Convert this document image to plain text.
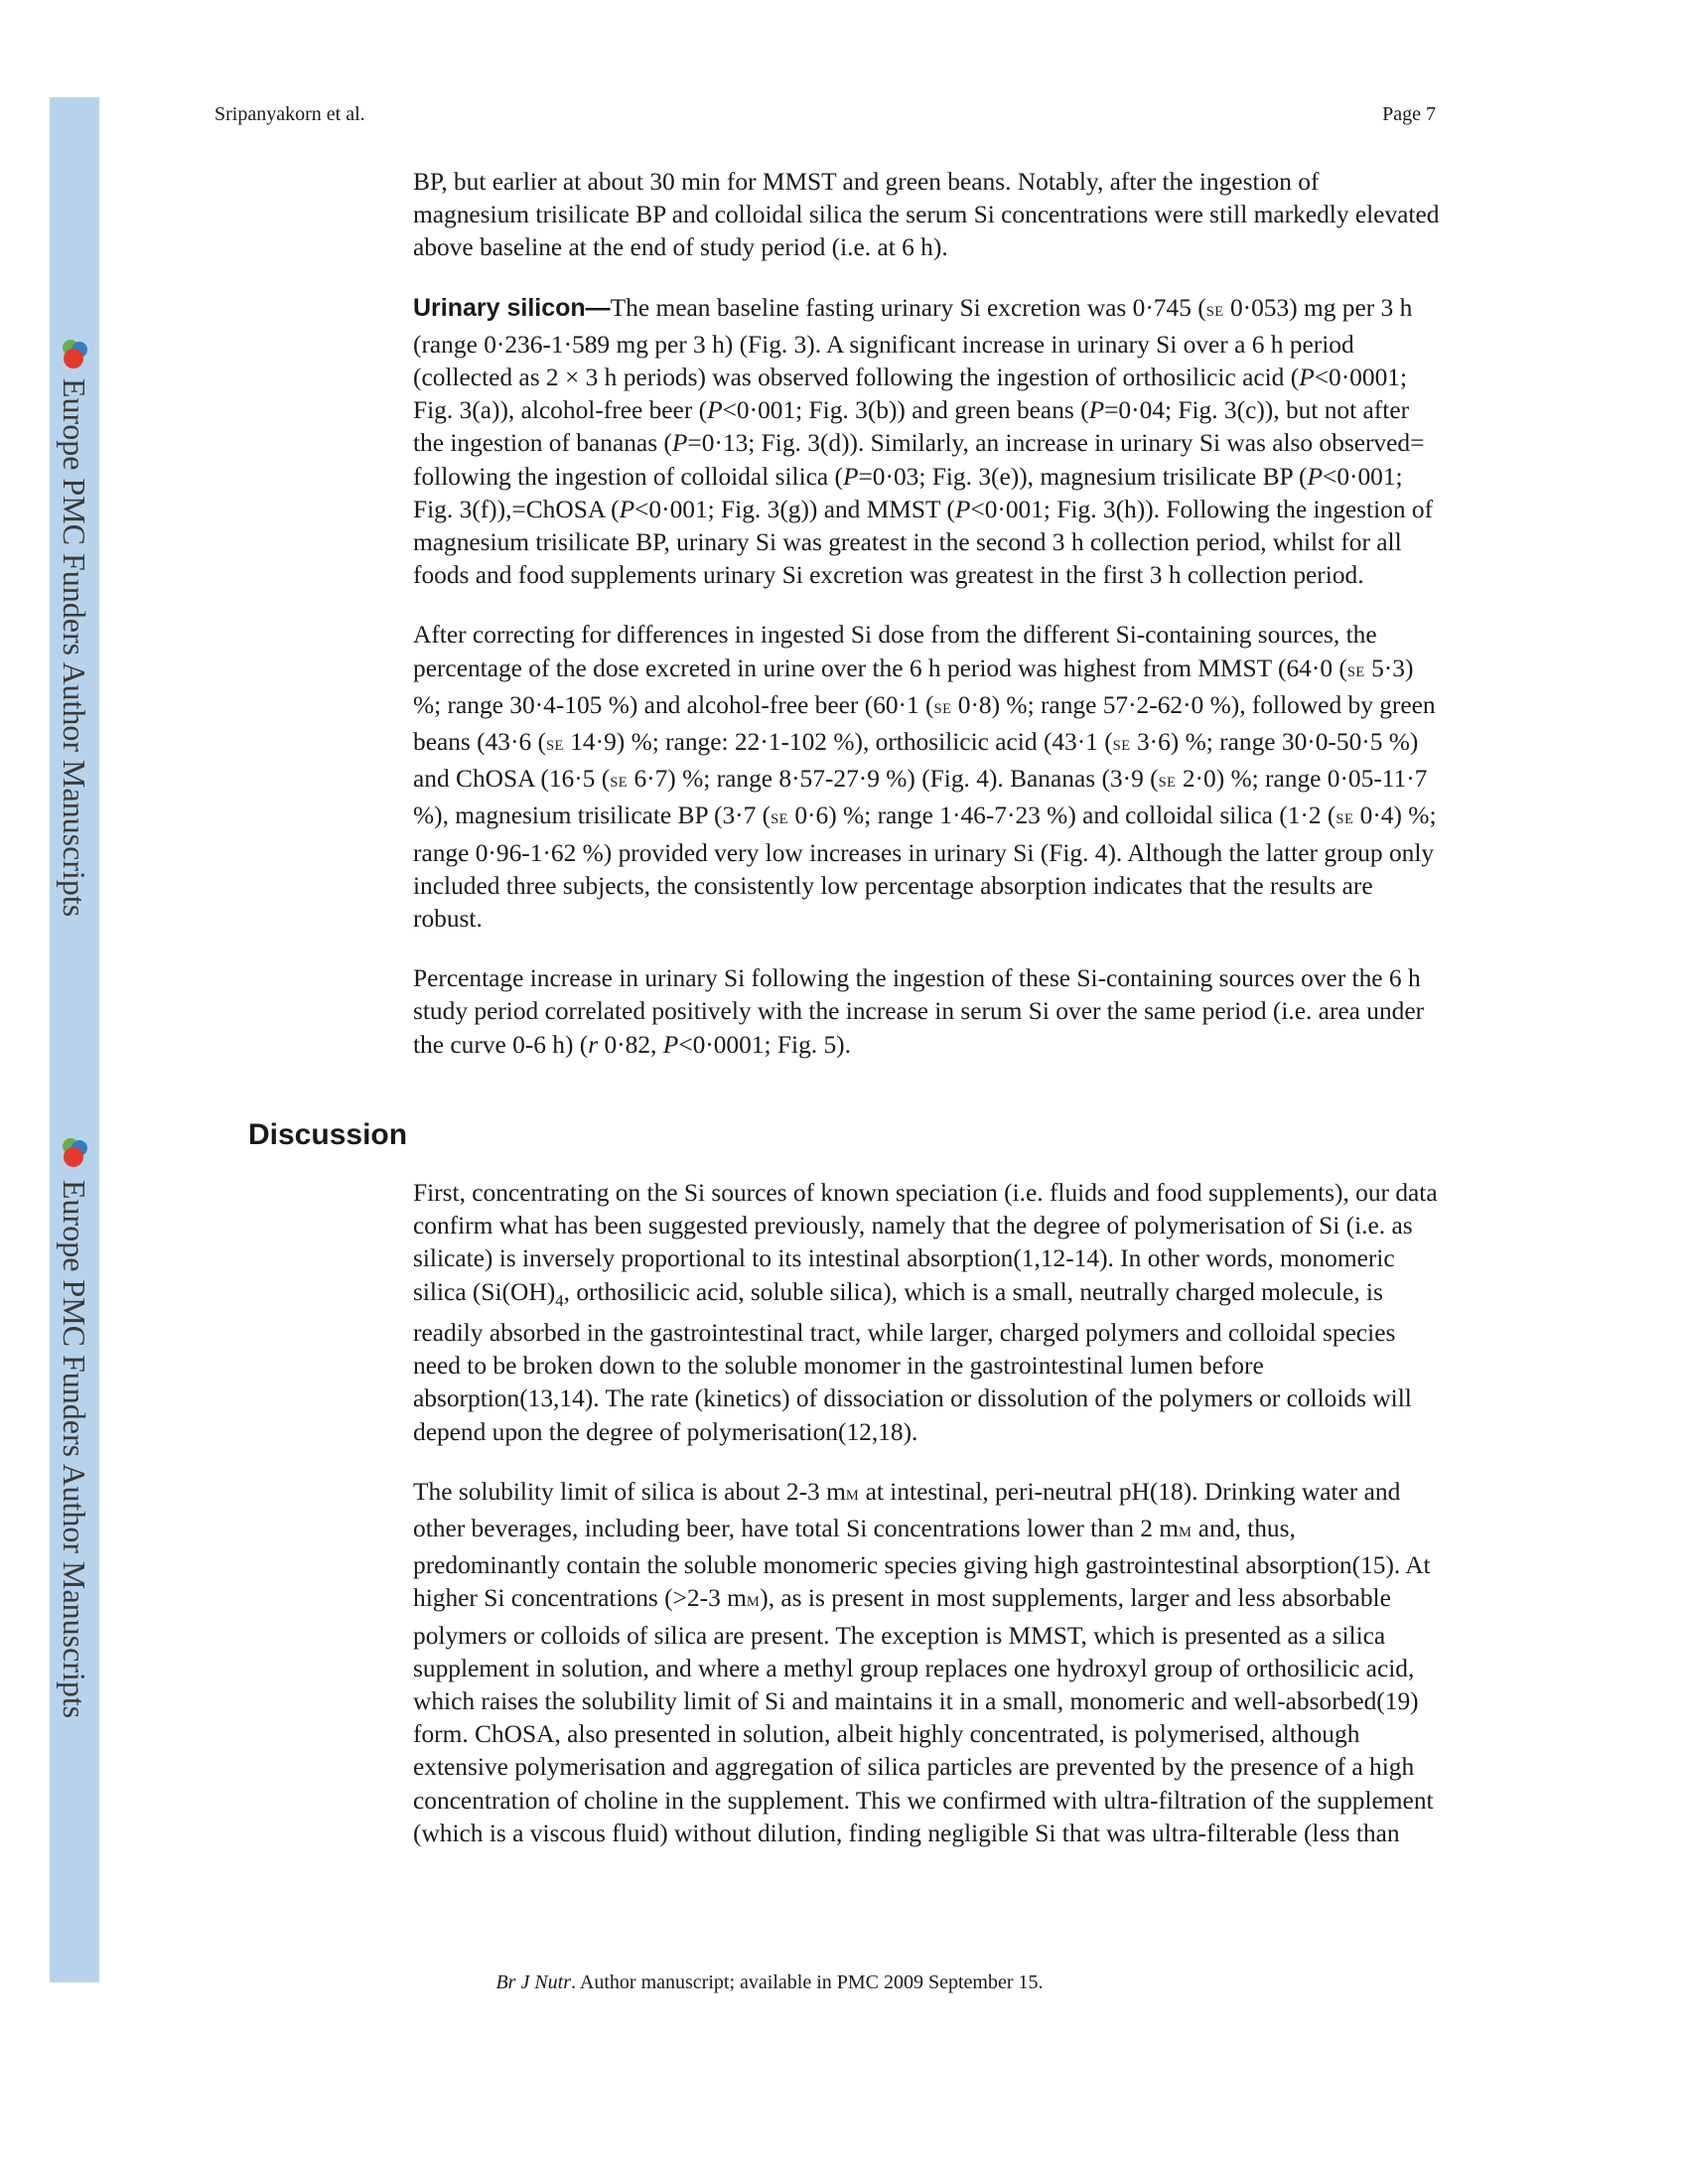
Europe PMC Funders Author Manuscripts
Europe PMC Funders Author Manuscripts
Sripanyakorn et al.	Page 7

BP, but earlier at about 30 min for MMST and green beans. Notably, after the ingestion of magnesium trisilicate BP and colloidal silica the serum Si concentrations were still markedly elevated above baseline at the end of study period (i.e. at 6 h).

Urinary silicon—The mean baseline fasting urinary Si excretion was 0·745 (SE 0·053) mg per 3 h (range 0·236-1·589 mg per 3 h) (Fig. 3). A significant increase in urinary Si over a 6 h period (collected as 2 × 3 h periods) was observed following the ingestion of orthosilicic acid (P<0·0001; Fig. 3(a)), alcohol-free beer (P<0·001; Fig. 3(b)) and green beans (P=0·04; Fig. 3(c)), but not after the ingestion of bananas (P=0·13; Fig. 3(d)). Similarly, an increase in urinary Si was also observed= following the ingestion of colloidal silica (P=0·03; Fig. 3(e)), magnesium trisilicate BP (P<0·001; Fig. 3(f)),=ChOSA (P<0·001; Fig. 3(g)) and MMST (P<0·001; Fig. 3(h)). Following the ingestion of magnesium trisilicate BP, urinary Si was greatest in the second 3 h collection period, whilst for all foods and food supplements urinary Si excretion was greatest in the first 3 h collection period.

After correcting for differences in ingested Si dose from the different Si-containing sources, the percentage of the dose excreted in urine over the 6 h period was highest from MMST (64·0 (SE 5·3) %; range 30·4-105 %) and alcohol-free beer (60·1 (SE 0·8) %; range 57·2-62·0 %), followed by green beans (43·6 (SE 14·9) %; range: 22·1-102 %), orthosilicic acid (43·1 (SE 3·6) %; range 30·0-50·5 %) and ChOSA (16·5 (SE 6·7) %; range 8·57-27·9 %) (Fig. 4). Bananas (3·9 (SE 2·0) %; range 0·05-11·7 %), magnesium trisilicate BP (3·7 (SE 0·6) %; range 1·46-7·23 %) and colloidal silica (1·2 (SE 0·4) %; range 0·96-1·62 %) provided very low increases in urinary Si (Fig. 4). Although the latter group only included three subjects, the consistently low percentage absorption indicates that the results are robust.

Percentage increase in urinary Si following the ingestion of these Si-containing sources over the 6 h study period correlated positively with the increase in serum Si over the same period (i.e. area under the curve 0-6 h) (r 0·82, P<0·0001; Fig. 5).

Discussion

First, concentrating on the Si sources of known speciation (i.e. fluids and food supplements), our data confirm what has been suggested previously, namely that the degree of polymerisation of Si (i.e. as silicate) is inversely proportional to its intestinal absorption(1,12-14). In other words, monomeric silica ($Si(OH)_4$, orthosilicic acid, soluble silica), which is a small, neutrally charged molecule, is readily absorbed in the gastrointestinal tract, while larger, charged polymers and colloidal species need to be broken down to the soluble monomer in the gastrointestinal lumen before absorption(13,14). The rate (kinetics) of dissociation or dissolution of the polymers or colloids will depend upon the degree of polymerisation(12,18).

The solubility limit of silica is about 2-3 mM at intestinal, peri-neutral pH(18). Drinking water and other beverages, including beer, have total Si concentrations lower than 2 mM and, thus, predominantly contain the soluble monomeric species giving high gastrointestinal absorption(15). At higher Si concentrations (>2-3 mM), as is present in most supplements, larger and less absorbable polymers or colloids of silica are present. The exception is MMST, which is presented as a silica supplement in solution, and where a methyl group replaces one hydroxyl group of orthosilicic acid, which raises the solubility limit of Si and maintains it in a small, monomeric and well-absorbed(19) form. ChOSA, also presented in solution, albeit highly concentrated, is polymerised, although extensive polymerisation and aggregation of silica particles are prevented by the presence of a high concentration of choline in the supplement. This we confirmed with ultra-filtration of the supplement (which is a viscous fluid) without dilution, finding negligible Si that was ultra-filterable (less than

Br J Nutr. Author manuscript; available in PMC 2009 September 15.
